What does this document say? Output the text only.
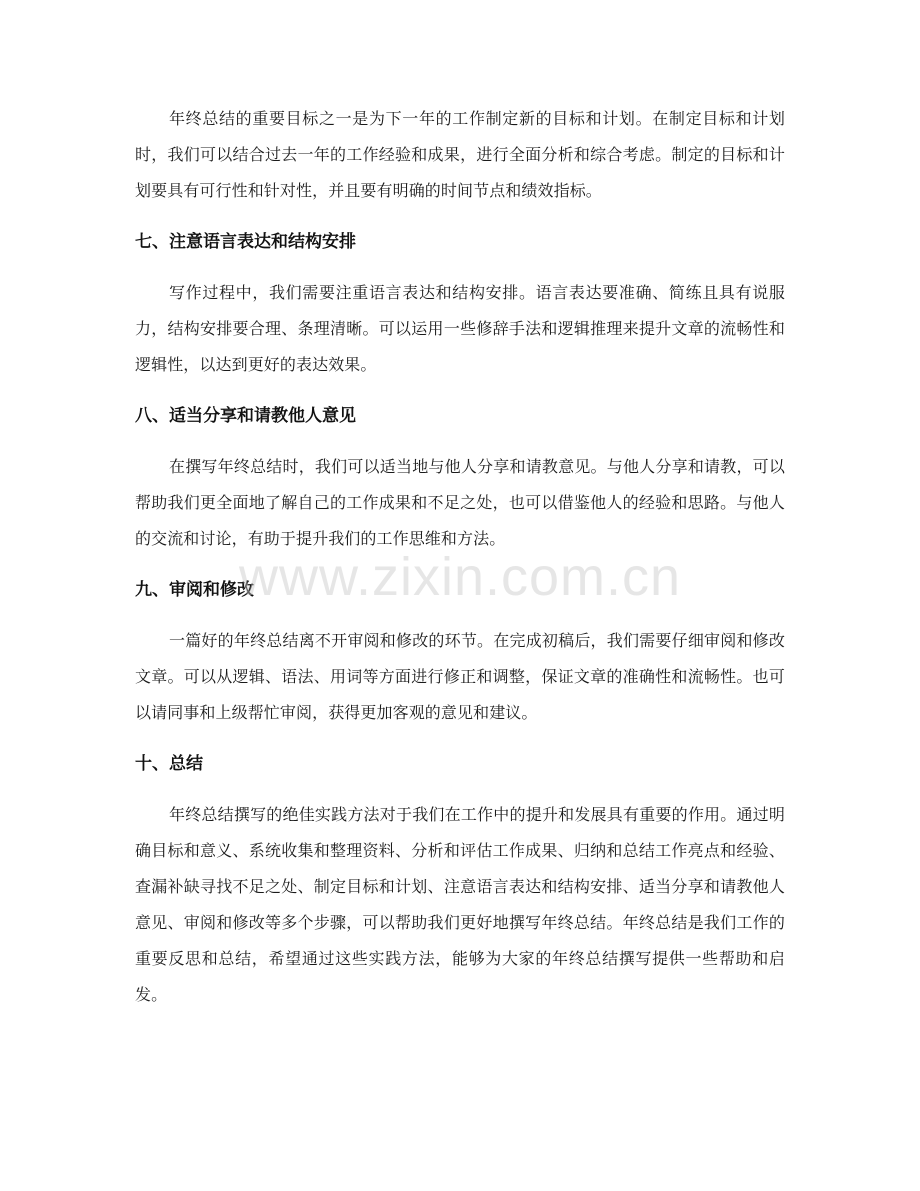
年终总结的重要目标之一是为下一年的工作制定新的目标和计划。在制定目标和计划时，我们可以结合过去一年的工作经验和成果，进行全面分析和综合考虑。制定的目标和计划要具有可行性和针对性，并且要有明确的时间节点和绩效指标。

七、注意语言表达和结构安排

写作过程中，我们需要注重语言表达和结构安排。语言表达要准确、简练且具有说服力，结构安排要合理、条理清晰。可以运用一些修辞手法和逻辑推理来提升文章的流畅性和逻辑性，以达到更好的表达效果。

八、适当分享和请教他人意见

在撰写年终总结时，我们可以适当地与他人分享和请教意见。与他人分享和请教，可以帮助我们更全面地了解自己的工作成果和不足之处，也可以借鉴他人的经验和思路。与他人的交流和讨论，有助于提升我们的工作思维和方法。

九、审阅和修改

一篇好的年终总结离不开审阅和修改的环节。在完成初稿后，我们需要仔细审阅和修改文章。可以从逻辑、语法、用词等方面进行修正和调整，保证文章的准确性和流畅性。也可以请同事和上级帮忙审阅，获得更加客观的意见和建议。

十、总结

年终总结撰写的绝佳实践方法对于我们在工作中的提升和发展具有重要的作用。通过明确目标和意义、系统收集和整理资料、分析和评估工作成果、归纳和总结工作亮点和经验、查漏补缺寻找不足之处、制定目标和计划、注意语言表达和结构安排、适当分享和请教他人意见、审阅和修改等多个步骤，可以帮助我们更好地撰写年终总结。年终总结是我们工作的重要反思和总结，希望通过这些实践方法，能够为大家的年终总结撰写提供一些帮助和启发。

www.zixin.com.cn
